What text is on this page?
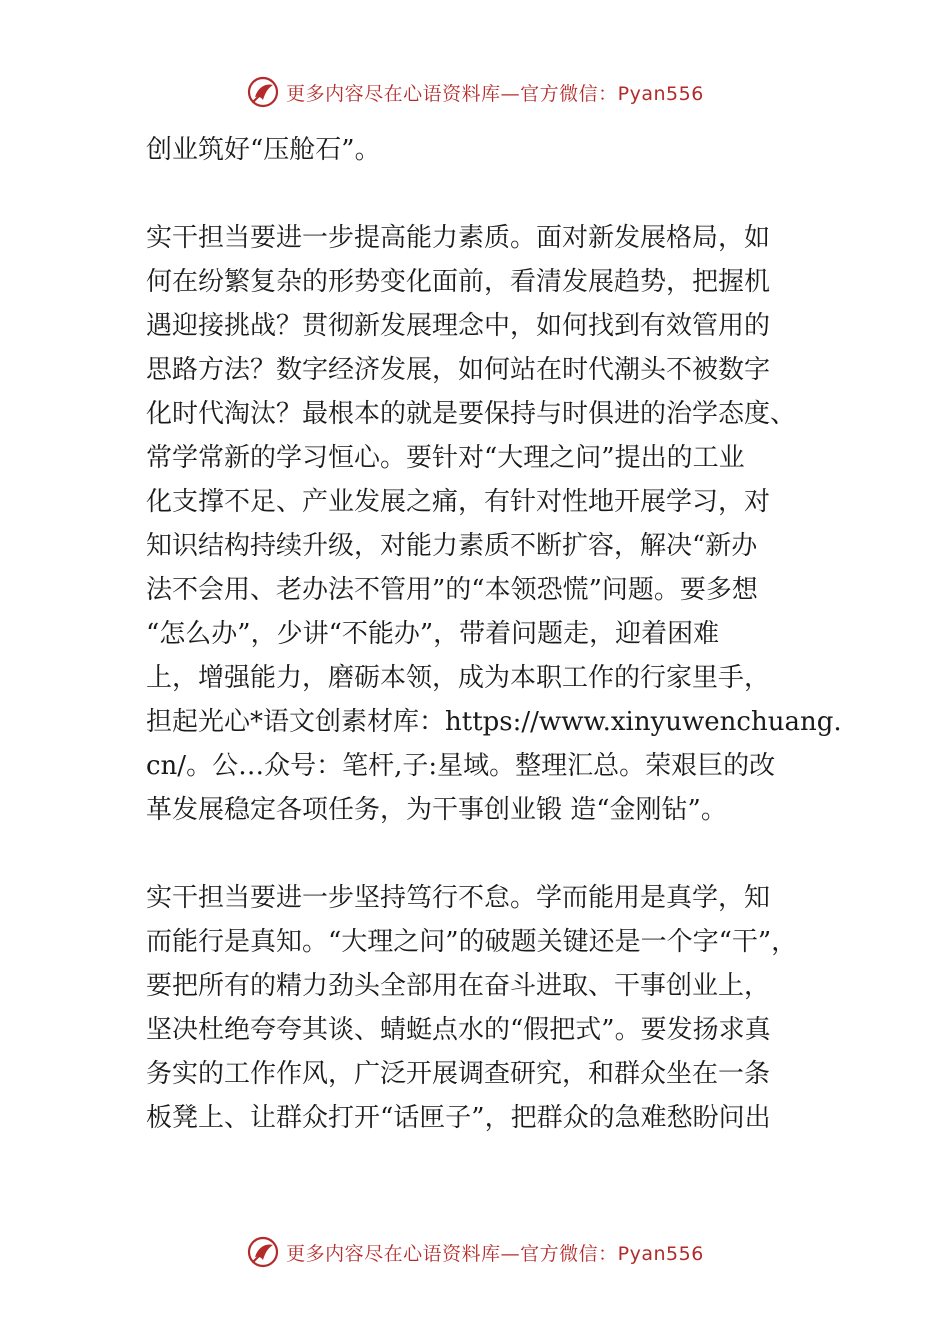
更多内容尽在心语资料库—官方微信：Pyan556
创业筑好“压舱石”。
实干担当要进一步提高能力素质。面对新发展格局，如
何在纷繁复杂的形势变化面前，看清发展趋势，把握机
遇迎接挑战？贯彻新发展理念中，如何找到有效管用的
思路方法？数字经济发展，如何站在时代潮头不被数字
化时代淘汰？最根本的就是要保持与时俱进的治学态度、
常学常新的学习恒心。要针对“大理之问”提出的工业
化支撑不足、产业发展之痛，有针对性地开展学习，对
知识结构持续升级，对能力素质不断扩容，解决“新办
法不会用、老办法不管用”的“本领恐慌”问题。要多想
“怎么办”，少讲“不能办”，带着问题走，迎着困难
上，增强能力，磨砺本领，成为本职工作的行家里手，
担起光心*语文创素材库：https://www.xinyuwenchuang.
cn/。公…众号：笔杆,子:星域。整理汇总。荣艰巨的改
革发展稳定各项任务，为干事创业锻 造“金刚钻”。
实干担当要进一步坚持笃行不怠。学而能用是真学，知
而能行是真知。“大理之问”的破题关键还是一个字“干”，
要把所有的精力劲头全部用在奋斗进取、干事创业上，
坚决杜绝夸夸其谈、蜻蜓点水的“假把式”。要发扬求真
务实的工作作风，广泛开展调查研究，和群众坐在一条
板凳上、让群众打开“话匣子”，把群众的急难愁盼问出
更多内容尽在心语资料库—官方微信：Pyan556
